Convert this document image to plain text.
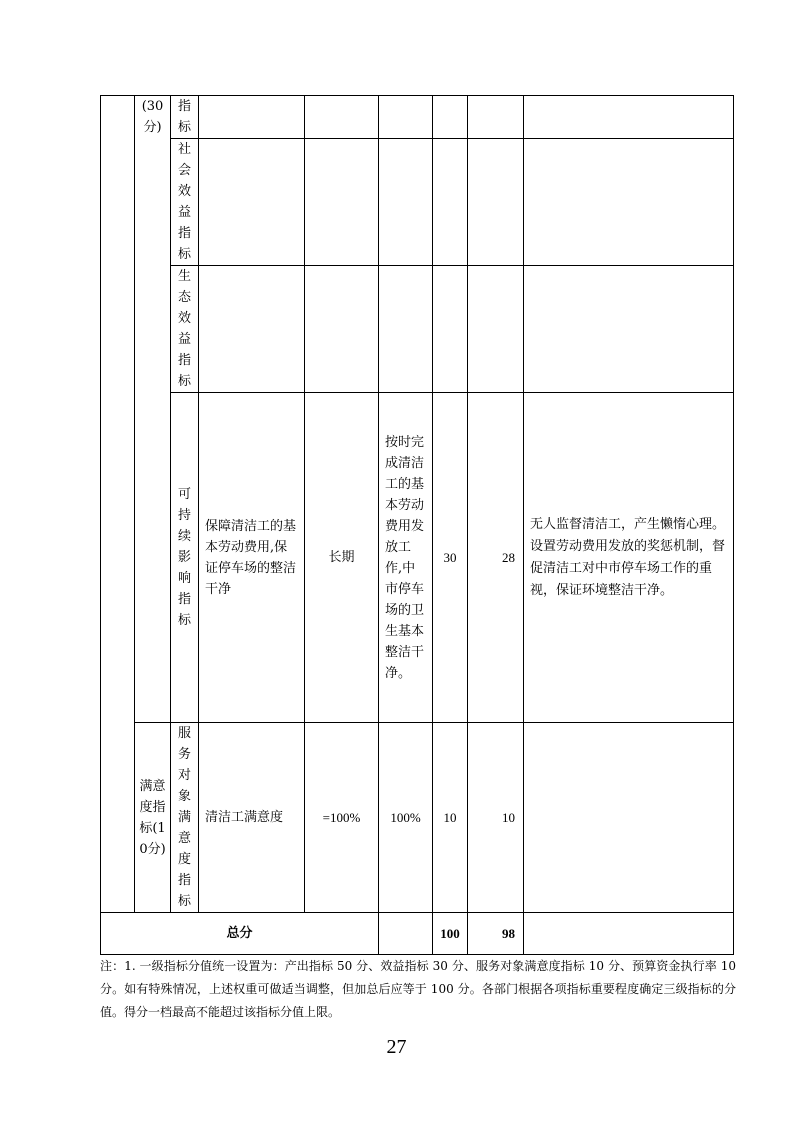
	(30分)	指标						
		社会效益指标						
		生态效益指标						
		可持续影响指标	保障清洁工的基本劳动费用,保证停车场的整洁干净	长期	按时完成清洁工的基本劳动费用发放工作,中市停车场的卫生基本整洁干净。	30	28	无人监督清洁工，产生懒惰心理。设置劳动费用发放的奖惩机制，督促清洁工对中市停车场工作的重视，保证环境整洁干净。
	满意度指标(10分)	服务对象满意度指标	清洁工满意度	=100%	100%	10	10	
总分						100	98	
注：1. 一级指标分值统一设置为：产出指标 50 分、效益指标 30 分、服务对象满意度指标 10 分、预算资金执行率 10 分。如有特殊情况，上述权重可做适当调整，但加总后应等于 100 分。各部门根据各项指标重要程度确定三级指标的分值。得分一档最高不能超过该指标分值上限。
27
